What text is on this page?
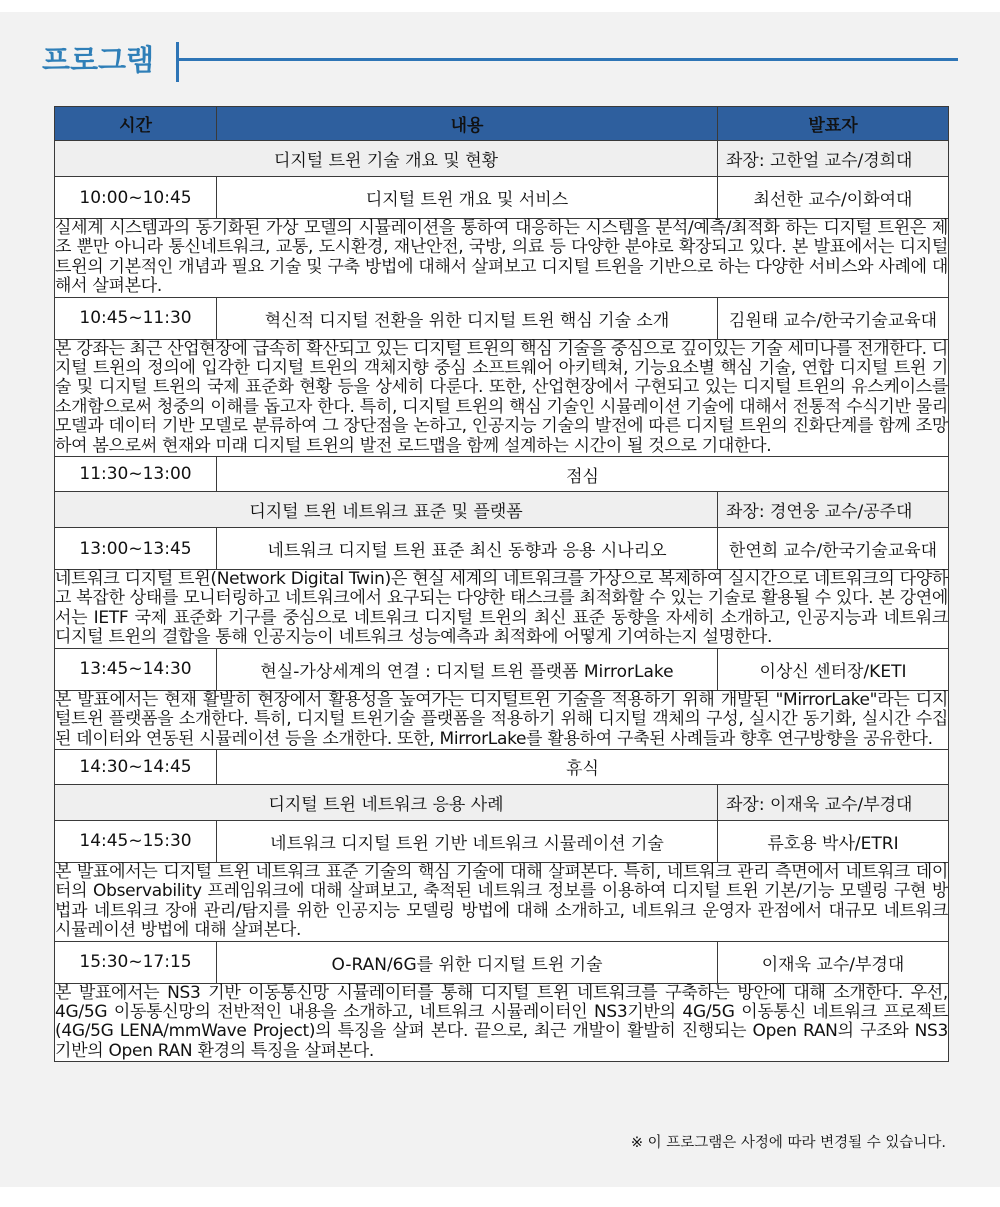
프로그램
시간	내용	발표자
디지털 트윈 기술 개요 및 현황		좌장: 고한얼 교수/경희대
10:00~10:45	디지털 트윈 개요 및 서비스	최선한 교수/이화여대
실세계 시스템과의 동기화된 가상 모델의 시뮬레이션을 통하여 대응하는 시스템을 분석/예측/최적화 하는 디지털 트윈은 제조 뿐만 아니라 통신네트워크, 교통, 도시환경, 재난안전, 국방, 의료 등 다양한 분야로 확장되고 있다. 본 발표에서는 디지털 트윈의 기본적인 개념과 필요 기술 및 구축 방법에 대해서 살펴보고 디지털 트윈을 기반으로 하는 다양한 서비스와 사례에 대해서 살펴본다.		
10:45~11:30	혁신적 디지털 전환을 위한 디지털 트윈 핵심 기술 소개	김원태 교수/한국기술교육대
본 강좌는 최근 산업현장에 급속히 확산되고 있는 디지털 트윈의 핵심 기술을 중심으로 깊이있는 기술 세미나를 전개한다. 디지털 트윈의 정의에 입각한 디지털 트윈의 객체지향 중심 소프트웨어 아키텍쳐, 기능요소별 핵심 기술, 연합 디지털 트윈 기술 및 디지털 트윈의 국제 표준화 현황 등을 상세히 다룬다. 또한, 산업현장에서 구현되고 있는 디지털 트윈의 유스케이스를 소개함으로써 청중의 이해를 돕고자 한다. 특히, 디지털 트윈의 핵심 기술인 시뮬레이션 기술에 대해서 전통적 수식기반 물리 모델과 데이터 기반 모델로 분류하여 그 장단점을 논하고, 인공지능 기술의 발전에 따른 디지털 트윈의 진화단계를 함께 조망하여 봄으로써 현재와 미래 디지털 트윈의 발전 로드맵을 함께 설계하는 시간이 될 것으로 기대한다.		
11:30~13:00	점심	
디지털 트윈 네트워크 표준 및 플랫폼		좌장: 경연웅 교수/공주대
13:00~13:45	네트워크 디지털 트윈 표준 최신 동향과 응용 시나리오	한연희 교수/한국기술교육대
네트워크 디지털 트윈(Network Digital Twin)은 현실 세계의 네트워크를 가상으로 복제하여 실시간으로 네트워크의 다양하고 복잡한 상태를 모니터링하고 네트워크에서 요구되는 다양한 태스크를 최적화할 수 있는 기술로 활용될 수 있다. 본 강연에서는 IETF 국제 표준화 기구를 중심으로 네트워크 디지털 트윈의 최신 표준 동향을 자세히 소개하고, 인공지능과 네트워크 디지털 트윈의 결합을 통해 인공지능이 네트워크 성능예측과 최적화에 어떻게 기여하는지 설명한다.		
13:45~14:30	현실-가상세계의 연결 : 디지털 트윈 플랫폼 MirrorLake	이상신 센터장/KETI
본 발표에서는 현재 활발히 현장에서 활용성을 높여가는 디지털트윈 기술을 적용하기 위해 개발된 "MirrorLake"라는 디지털트윈 플랫폼을 소개한다. 특히, 디지털 트윈기술 플랫폼을 적용하기 위해 디지털 객체의 구성, 실시간 동기화, 실시간 수집된 데이터와 연동된 시뮬레이션 등을 소개한다. 또한, MirrorLake를 활용하여 구축된 사례들과 향후 연구방향을 공유한다.		
14:30~14:45	휴식	
디지털 트윈 네트워크 응용 사례		좌장: 이재욱 교수/부경대
14:45~15:30	네트워크 디지털 트윈 기반 네트워크 시뮬레이션 기술	류호용 박사/ETRI
본 발표에서는 디지털 트윈 네트워크 표준 기술의 핵심 기술에 대해 살펴본다. 특히, 네트워크 관리 측면에서 네트워크 데이터의 Observability 프레임워크에 대해 살펴보고, 축적된 네트워크 정보를 이용하여 디지털 트윈 기본/기능 모델링 구현 방법과 네트워크 장애 관리/탐지를 위한 인공지능 모델링 방법에 대해 소개하고, 네트워크 운영자 관점에서 대규모 네트워크 시뮬레이션 방법에 대해 살펴본다.		
15:30~17:15	O-RAN/6G를 위한 디지털 트윈 기술	이재욱 교수/부경대
본 발표에서는 NS3 기반 이동통신망 시뮬레이터를 통해 디지털 트윈 네트워크를 구축하는 방안에 대해 소개한다. 우선, 4G/5G 이동통신망의 전반적인 내용을 소개하고, 네트워크 시뮬레이터인 NS3기반의 4G/5G 이동통신 네트워크 프로젝트 (4G/5G LENA/mmWave Project)의 특징을 살펴 본다. 끝으로, 최근 개발이 활발히 진행되는 Open RAN의 구조와 NS3 기반의 Open RAN 환경의 특징을 살펴본다.		
※ 이 프로그램은 사정에 따라 변경될 수 있습니다.
